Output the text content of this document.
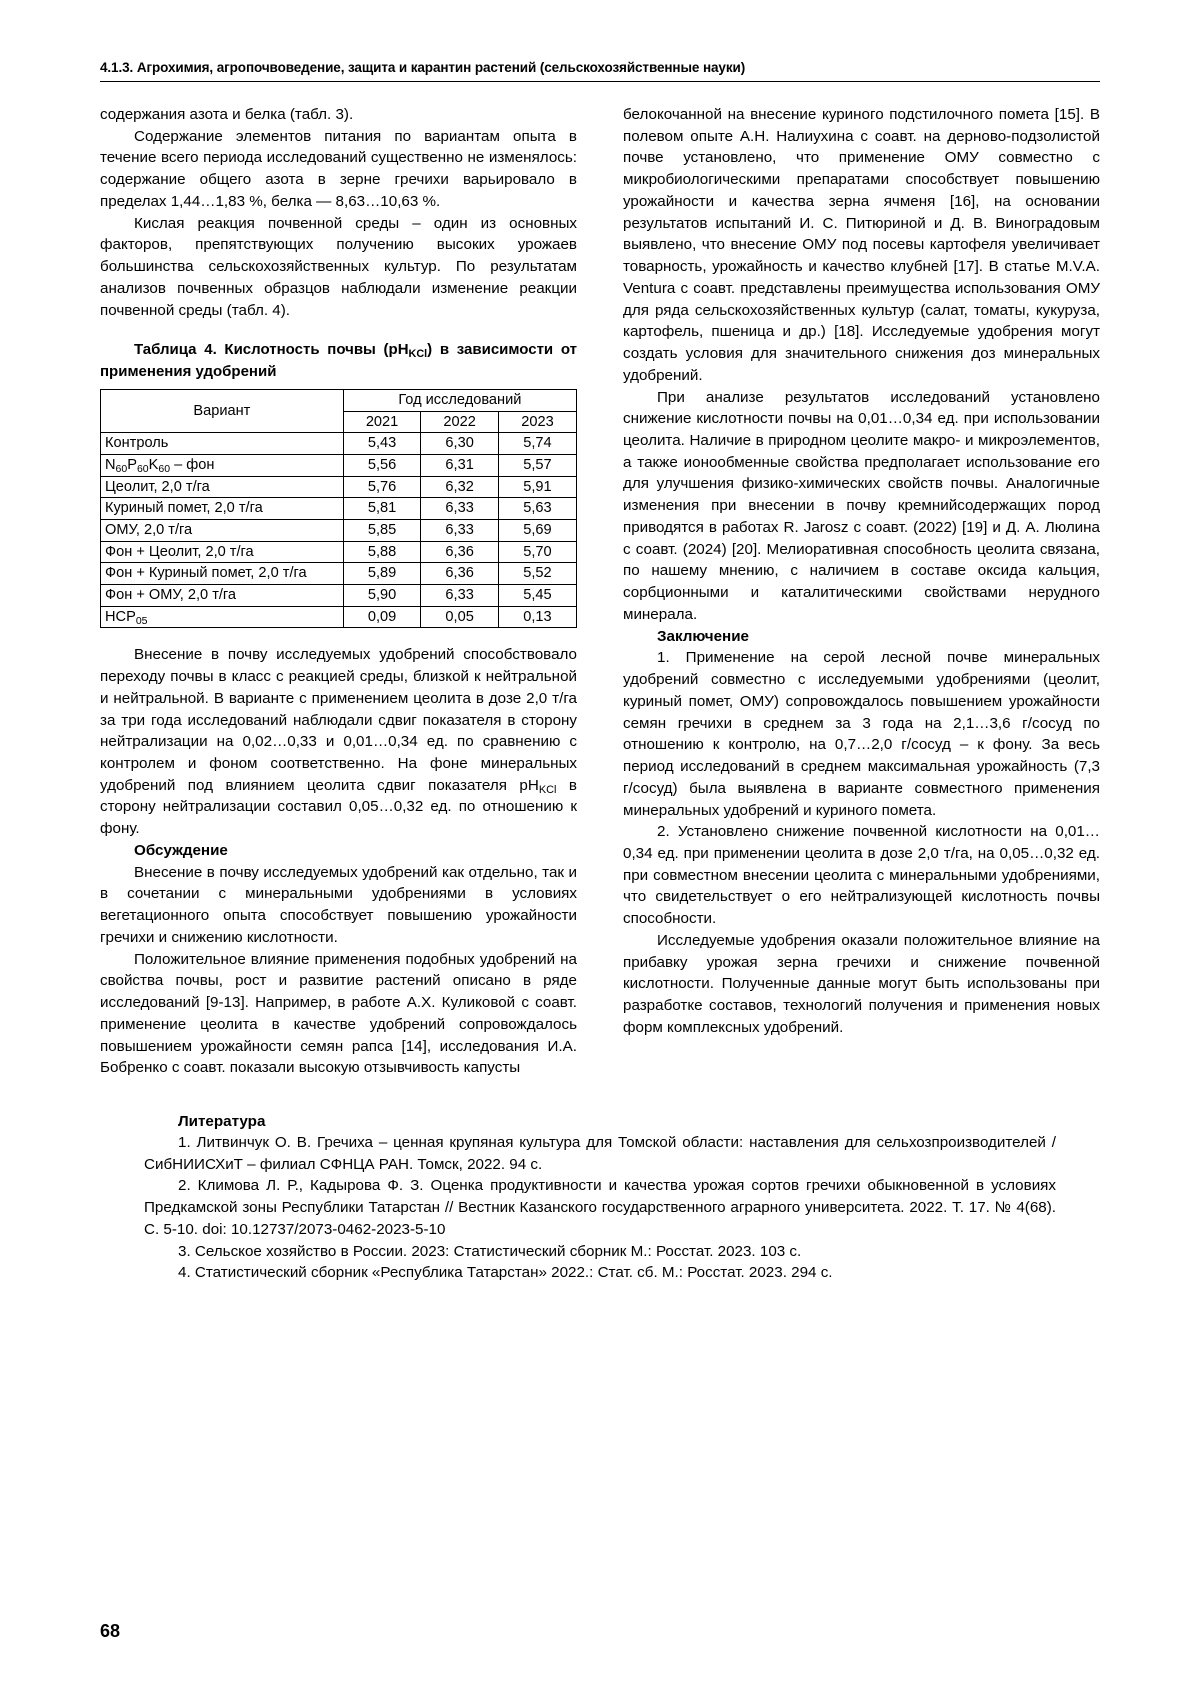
4.1.3. Агрохимия, агропочвоведение, защита и карантин растений (сельскохозяйственные науки)

содержания азота и белка (табл. 3).

Содержание элементов питания по вариантам опыта в течение всего периода исследований существенно не изменялось: содержание общего азота в зерне гречихи варьировало в пределах 1,44…1,83 %, белка — 8,63…10,63 %.

Кислая реакция почвенной среды – один из основных факторов, препятствующих получению высоких урожаев большинства сельскохозяйственных культур. По результатам анализов почвенных образцов наблюдали изменение реакции почвенной среды (табл. 4).

Таблица 4. Кислотность почвы $(рН_{KCl})$ в зависимости от применения удобрений
Вариант	Год исследований		
	2021	2022	2023
Контроль	5,43	6,30	5,74
$N_{60}P_{60}K_{60}$ – фон	5,56	6,31	5,57
Цеолит, 2,0 т/га	5,76	6,32	5,91
Куриный помет, 2,0 т/га	5,81	6,33	5,63
ОМУ, 2,0 т/га	5,85	6,33	5,69
Фон + Цеолит, 2,0 т/га	5,88	6,36	5,70
Фон + Куриный помет, 2,0 т/га	5,89	6,36	5,52
Фон + ОМУ, 2,0 т/га	5,90	6,33	5,45
$НСР_{05}$	0,09	0,05	0,13

Внесение в почву исследуемых удобрений способствовало переходу почвы в класс с реакцией среды, близкой к нейтральной и нейтральной. В варианте с применением цеолита в дозе 2,0 т/га за три года исследований наблюдали сдвиг показателя в сторону нейтрализации на 0,02…0,33 и 0,01…0,34 ед. по сравнению с контролем и фоном соответственно. На фоне минеральных удобрений под влиянием цеолита сдвиг показателя $рН_{KCl}$ в сторону нейтрализации составил 0,05…0,32 ед. по отношению к фону.

Обсуждение

Внесение в почву исследуемых удобрений как отдельно, так и в сочетании с минеральными удобрениями в условиях вегетационного опыта способствует повышению урожайности гречихи и снижению кислотности.

Положительное влияние применения подобных удобрений на свойства почвы, рост и развитие растений описано в ряде исследований [9-13]. Например, в работе А.Х. Куликовой с соавт. применение цеолита в качестве удобрений сопровождалось повышением урожайности семян рапса [14], исследования И.А. Бобренко с соавт. показали высокую отзывчивость капусты

белокочанной на внесение куриного подстилочного помета [15]. В полевом опыте А.Н. Налиухина с соавт. на дерново-подзолистой почве установлено, что применение ОМУ совместно с микробиологическими препаратами способствует повышению урожайности и качества зерна ячменя [16], на основании результатов испытаний И. С. Питюриной и Д. В. Виноградовым выявлено, что внесение ОМУ под посевы картофеля увеличивает товарность, урожайность и качество клубней [17]. В статье M.V.A. Ventura с соавт. представлены преимущества использования ОМУ для ряда сельскохозяйственных культур (салат, томаты, кукуруза, картофель, пшеница и др.) [18]. Исследуемые удобрения могут создать условия для значительного снижения доз минеральных удобрений.

При анализе результатов исследований установлено снижение кислотности почвы на 0,01…0,34 ед. при использовании цеолита. Наличие в природном цеолите макро- и микроэлементов, а также ионообменные свойства предполагает использование его для улучшения физико-химических свойств почвы. Аналогичные изменения при внесении в почву кремнийсодержащих пород приводятся в работах R. Jarosz с соавт. (2022) [19] и Д. А. Люлина с соавт. (2024) [20]. Мелиоративная способность цеолита связана, по нашему мнению, с наличием в составе оксида кальция, сорбционными и каталитическими свойствами нерудного минерала.

Заключение

1. Применение на серой лесной почве минеральных удобрений совместно с исследуемыми удобрениями (цеолит, куриный помет, ОМУ) сопровождалось повышением урожайности семян гречихи в среднем за 3 года на 2,1…3,6 г/сосуд по отношению к контролю, на 0,7…2,0 г/сосуд – к фону. За весь период исследований в среднем максимальная урожайность (7,3 г/сосуд) была выявлена в варианте совместного применения минеральных удобрений и куриного помета.

2. Установлено снижение почвенной кислотности на 0,01…0,34 ед. при применении цеолита в дозе 2,0 т/га, на 0,05…0,32 ед. при совместном внесении цеолита с минеральными удобрениями, что свидетельствует о его нейтрализующей кислотность почвы способности.

Исследуемые удобрения оказали положительное влияние на прибавку урожая зерна гречихи и снижение почвенной кислотности. Полученные данные могут быть использованы при разработке составов, технологий получения и применения новых форм комплексных удобрений.

Литература

1. Литвинчук О. В. Гречиха – ценная крупяная культура для Томской области: наставления для сельхозпроизводителей / СибНИИСХиТ – филиал СФНЦА РАН. Томск, 2022. 94 с.

2. Климова Л. Р., Кадырова Ф. З. Оценка продуктивности и качества урожая сортов гречихи обыкновенной в условиях Предкамской зоны Республики Татарстан // Вестник Казанского государственного аграрного университета. 2022. Т. 17. № 4(68). С. 5-10. doi: 10.12737/2073-0462-2023-5-10

3. Сельское хозяйство в России. 2023: Статистический сборник М.: Росстат. 2023. 103 с.

4. Статистический сборник «Республика Татарстан» 2022.: Стат. сб. М.: Росстат. 2023. 294 с.

68
